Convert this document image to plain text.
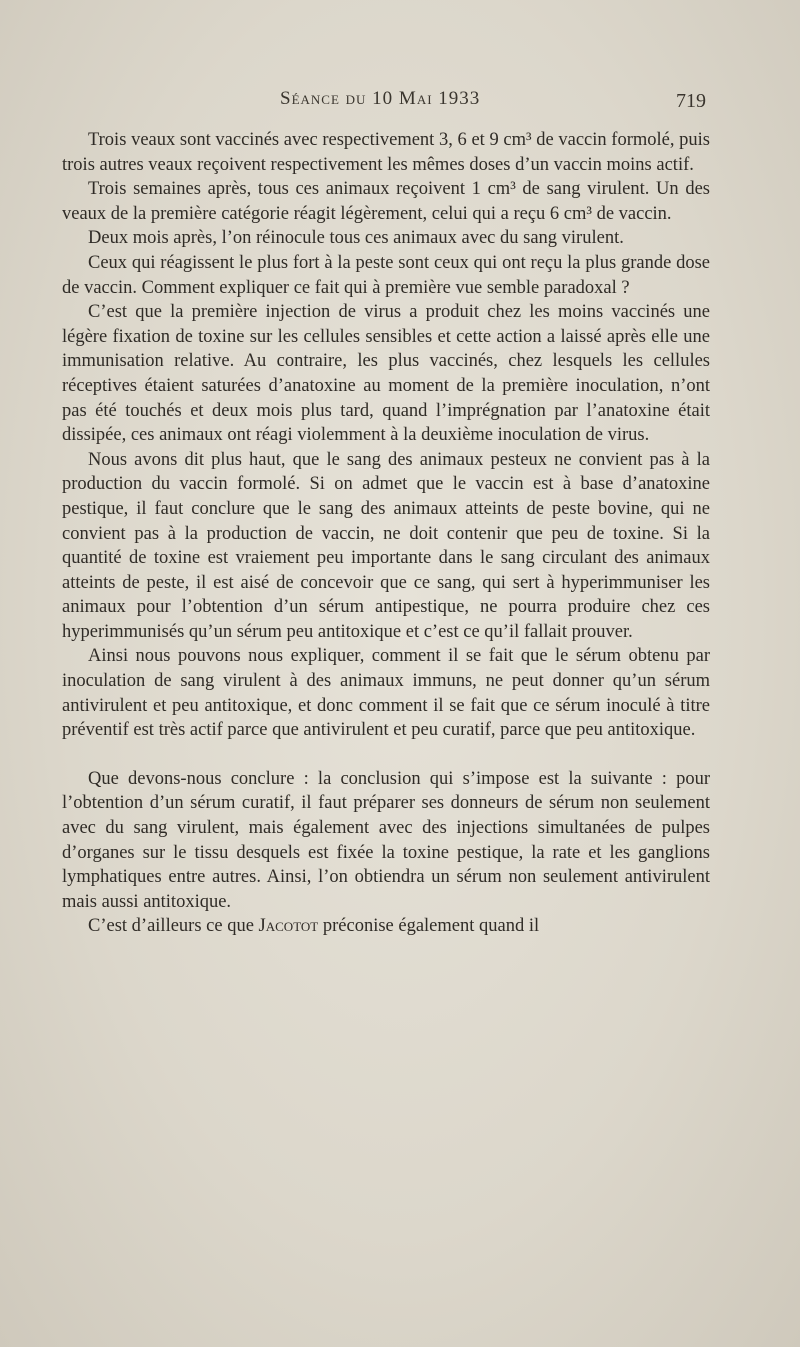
Séance du 10 Mai 1933	719

Trois veaux sont vaccinés avec respectivement 3, 6 et 9 cm³ de vaccin formolé, puis trois autres veaux reçoivent respectivement les mêmes doses d’un vaccin moins actif.

Trois semaines après, tous ces animaux reçoivent 1 cm³ de sang virulent. Un des veaux de la première catégorie réagit légèrement, celui qui a reçu 6 cm³ de vaccin.

Deux mois après, l’on réinocule tous ces animaux avec du sang virulent.

Ceux qui réagissent le plus fort à la peste sont ceux qui ont reçu la plus grande dose de vaccin. Comment expliquer ce fait qui à première vue semble paradoxal ?

C’est que la première injection de virus a produit chez les moins vaccinés une légère fixation de toxine sur les cellules sensibles et cette action a laissé après elle une immunisation relative. Au contraire, les plus vaccinés, chez lesquels les cellules réceptives étaient saturées d’anatoxine au moment de la première inoculation, n’ont pas été touchés et deux mois plus tard, quand l’imprégnation par l’anatoxine était dissipée, ces animaux ont réagi violemment à la deuxième inoculation de virus.

Nous avons dit plus haut, que le sang des animaux pesteux ne convient pas à la production du vaccin formolé. Si on admet que le vaccin est à base d’anatoxine pestique, il faut conclure que le sang des animaux atteints de peste bovine, qui ne convient pas à la production de vaccin, ne doit contenir que peu de toxine. Si la quantité de toxine est vraiement peu importante dans le sang circulant des animaux atteints de peste, il est aisé de concevoir que ce sang, qui sert à hyperimmuniser les animaux pour l’obtention d’un sérum antipestique, ne pourra produire chez ces hyperimmunisés qu’un sérum peu antitoxique et c’est ce qu’il fallait prouver.

Ainsi nous pouvons nous expliquer, comment il se fait que le sérum obtenu par inoculation de sang virulent à des animaux immuns, ne peut donner qu’un sérum antivirulent et peu antitoxique, et donc comment il se fait que ce sérum inoculé à titre préventif est très actif parce que antivirulent et peu curatif, parce que peu antitoxique.

Que devons-nous conclure : la conclusion qui s’impose est la suivante : pour l’obtention d’un sérum curatif, il faut préparer ses donneurs de sérum non seulement avec du sang virulent, mais également avec des injections simultanées de pulpes d’organes sur le tissu desquels est fixée la toxine pestique, la rate et les ganglions lymphatiques entre autres. Ainsi, l’on obtiendra un sérum non seulement antivirulent mais aussi antitoxique.

C’est d’ailleurs ce que Jacotot préconise également quand il
